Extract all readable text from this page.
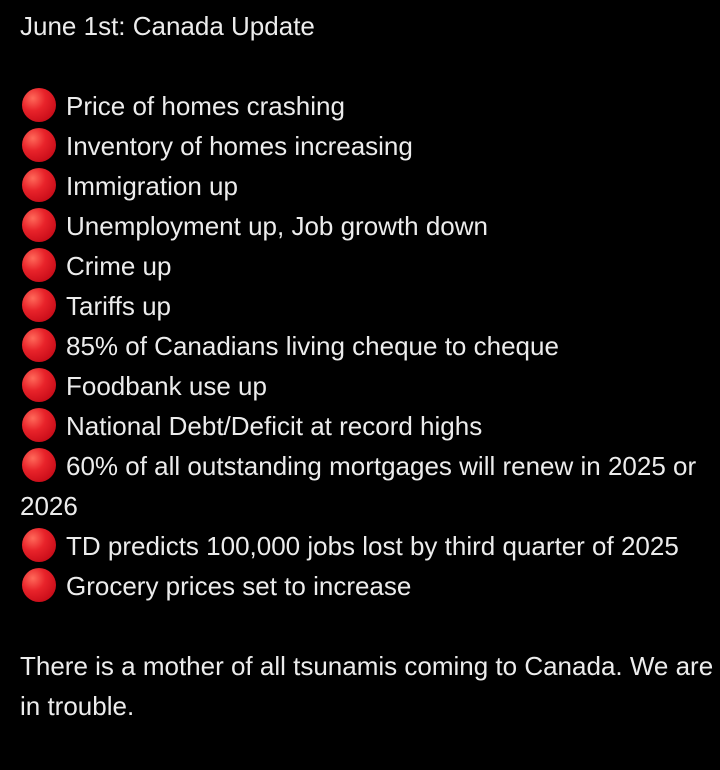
June 1st: Canada Update
Price of homes crashing
Inventory of homes increasing
Immigration up
Unemployment up, Job growth down
Crime up
Tariffs up
85% of Canadians living cheque to cheque
Foodbank use up
National Debt/Deficit at record highs
60% of all outstanding mortgages will renew in 2025 or 2026
TD predicts 100,000 jobs lost by third quarter of 2025
Grocery prices set to increase
There is a mother of all tsunamis coming to Canada. We are in trouble.
